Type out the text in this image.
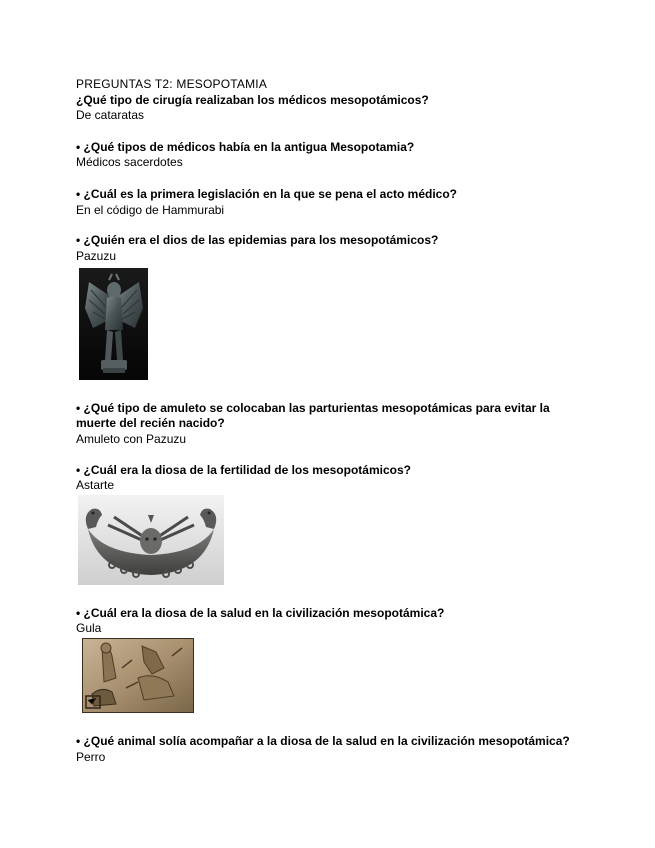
PREGUNTAS T2: MESOPOTAMIA
¿Qué tipo de cirugía realizaban los médicos mesopotámicos?
De cataratas
• ¿Qué tipos de médicos había en la antigua Mesopotamia?
Médicos sacerdotes
• ¿Cuál es la primera legislación en la que se pena el acto médico?
En el código de Hammurabi
• ¿Quién era el dios de las epidemias para los mesopotámicos?
Pazuzu
• ¿Qué tipo de amuleto se colocaban las parturientas mesopotámicas para evitar la muerte del recién nacido?
Amuleto con Pazuzu
• ¿Cuál era la diosa de la fertilidad de los mesopotámicos?
Astarte
• ¿Cuál era la diosa de la salud en la civilización mesopotámica?
Gula
• ¿Qué animal solía acompañar a la diosa de la salud en la civilización mesopotámica?
Perro
